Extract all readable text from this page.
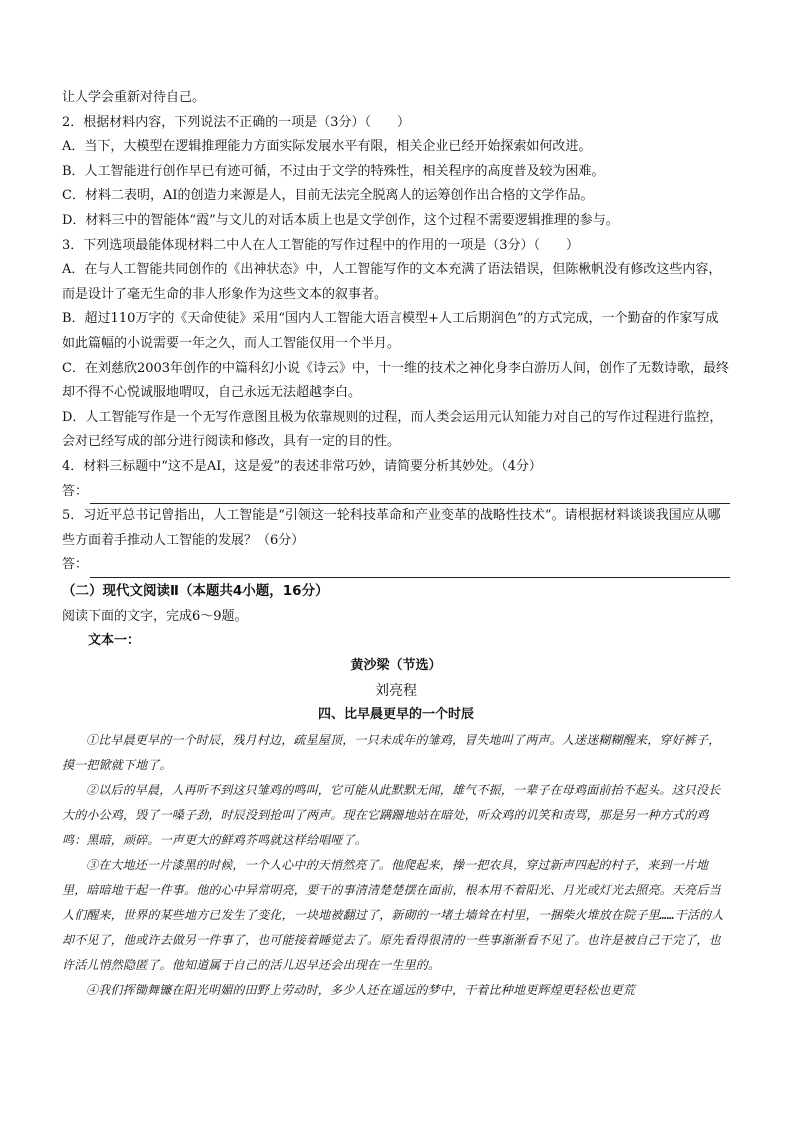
让人学会重新对待自己。

2．根据材料内容，下列说法不正确的一项是（3分）（　　）

A．当下，大模型在逻辑推理能力方面实际发展水平有限，相关企业已经开始探索如何改进。

B．人工智能进行创作早已有迹可循，不过由于文学的特殊性，相关程序的高度普及较为困难。

C．材料二表明，AI的创造力来源是人，目前无法完全脱离人的运筹创作出合格的文学作品。

D．材料三中的智能体“霞”与文儿的对话本质上也是文学创作，这个过程不需要逻辑推理的参与。

3．下列选项最能体现材料二中人在人工智能的写作过程中的作用的一项是（3分）（　　）

A．在与人工智能共同创作的《出神状态》中，人工智能写作的文本充满了语法错误，但陈楸帆没有修改这些内容，而是设计了毫无生命的非人形象作为这些文本的叙事者。

B．超过110万字的《天命使徒》采用“国内人工智能大语言模型+人工后期润色”的方式完成，一个勤奋的作家写成如此篇幅的小说需要一年之久，而人工智能仅用一个半月。

C．在刘慈欣2003年创作的中篇科幻小说《诗云》中，十一维的技术之神化身李白游历人间，创作了无数诗歌，最终却不得不心悦诚服地喟叹，自己永远无法超越李白。

D．人工智能写作是一个无写作意图且极为依靠规则的过程，而人类会运用元认知能力对自己的写作过程进行监控，会对已经写成的部分进行阅读和修改，具有一定的目的性。

4．材料三标题中“这不是AI，这是爱”的表述非常巧妙，请简要分析其妙处。（4分）

答：

5．习近平总书记曾指出，人工智能是“引领这一轮科技革命和产业变革的战略性技术”。请根据材料谈谈我国应从哪些方面着手推动人工智能的发展？（6分）

答：

（二）现代文阅读Ⅱ（本题共4小题，16分）

阅读下面的文字，完成6～9题。

文本一：

黄沙梁（节选）

刘亮程

四、比早晨更早的一个时辰

①比早晨更早的一个时辰，残月村边，疏星屋顶，一只未成年的雏鸡，冒失地叫了两声。人迷迷糊糊醒来，穿好裤子，摸一把锨就下地了。

②以后的早晨，人再听不到这只雏鸡的鸣叫，它可能从此默默无闻，雄气不振，一辈子在母鸡面前抬不起头。这只没长大的小公鸡，毁了一嗓子劲，时辰没到抢叫了两声。现在它蹒跚地站在暗处，听众鸡的讥笑和责骂，那是另一种方式的鸡鸣：黑暗，顽碎。一声更大的鲜鸡芥鸣就这样给唱哑了。

③在大地还一片漆黑的时候，一个人心中的天悄然亮了。他爬起来，操一把农具，穿过新声四起的村子，来到一片地里，暗暗地干起一件事。他的心中异常明亮，要干的事清清楚楚摆在面前，根本用不着阳光、月光或灯光去照亮。天亮后当人们醒来，世界的某些地方已发生了变化，一块地被翻过了，新砌的一堵土墙耸在村里，一捆柴火堆放在院子里……干活的人却不见了，他或许去做另一件事了，也可能接着睡觉去了。原先看得很清的一些事渐渐看不见了。也许是被自己干完了，也许活儿悄然隐匿了。他知道属于自己的活儿迟早还会出现在一生里的。

④我们挥锄舞镰在阳光明媚的田野上劳动时，多少人还在遥远的梦中，干着比种地更辉煌更轻松也更荒
